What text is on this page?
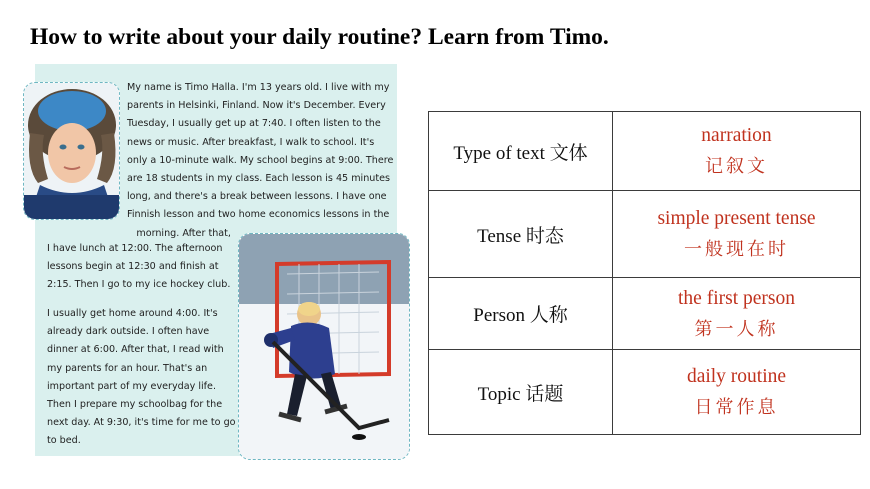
How to write about your daily routine? Learn from Timo.
My name is Timo Halla. I'm 13 years old. I live with my
parents in Helsinki, Finland. Now it's December. Every
Tuesday, I usually get up at 7:40. I often listen to the
news or music. After breakfast, I walk to school. It's
only a 10-minute walk. My school begins at 9:00. There
are 18 students in my class. Each lesson is 45 minutes
long, and there's a break between lessons. I have one
Finnish lesson and two home economics lessons in the
morning. After that,
I have lunch at 12:00. The afternoon
lessons begin at 12:30 and finish at
2:15. Then I go to my ice hockey club.
I usually get home around 4:00. It's
already dark outside. I often have
dinner at 6:00. After that, I read with
my parents for an hour. That's an
important part of my everyday life.
Then I prepare my schoolbag for the
next day. At 9:30, it's time for me to go
to bed.
Type of text 文体
narration
记叙文
Tense 时态
simple present tense
一般现在时
Person 人称
the first person
第一人称
Topic 话题
daily routine
日常作息
